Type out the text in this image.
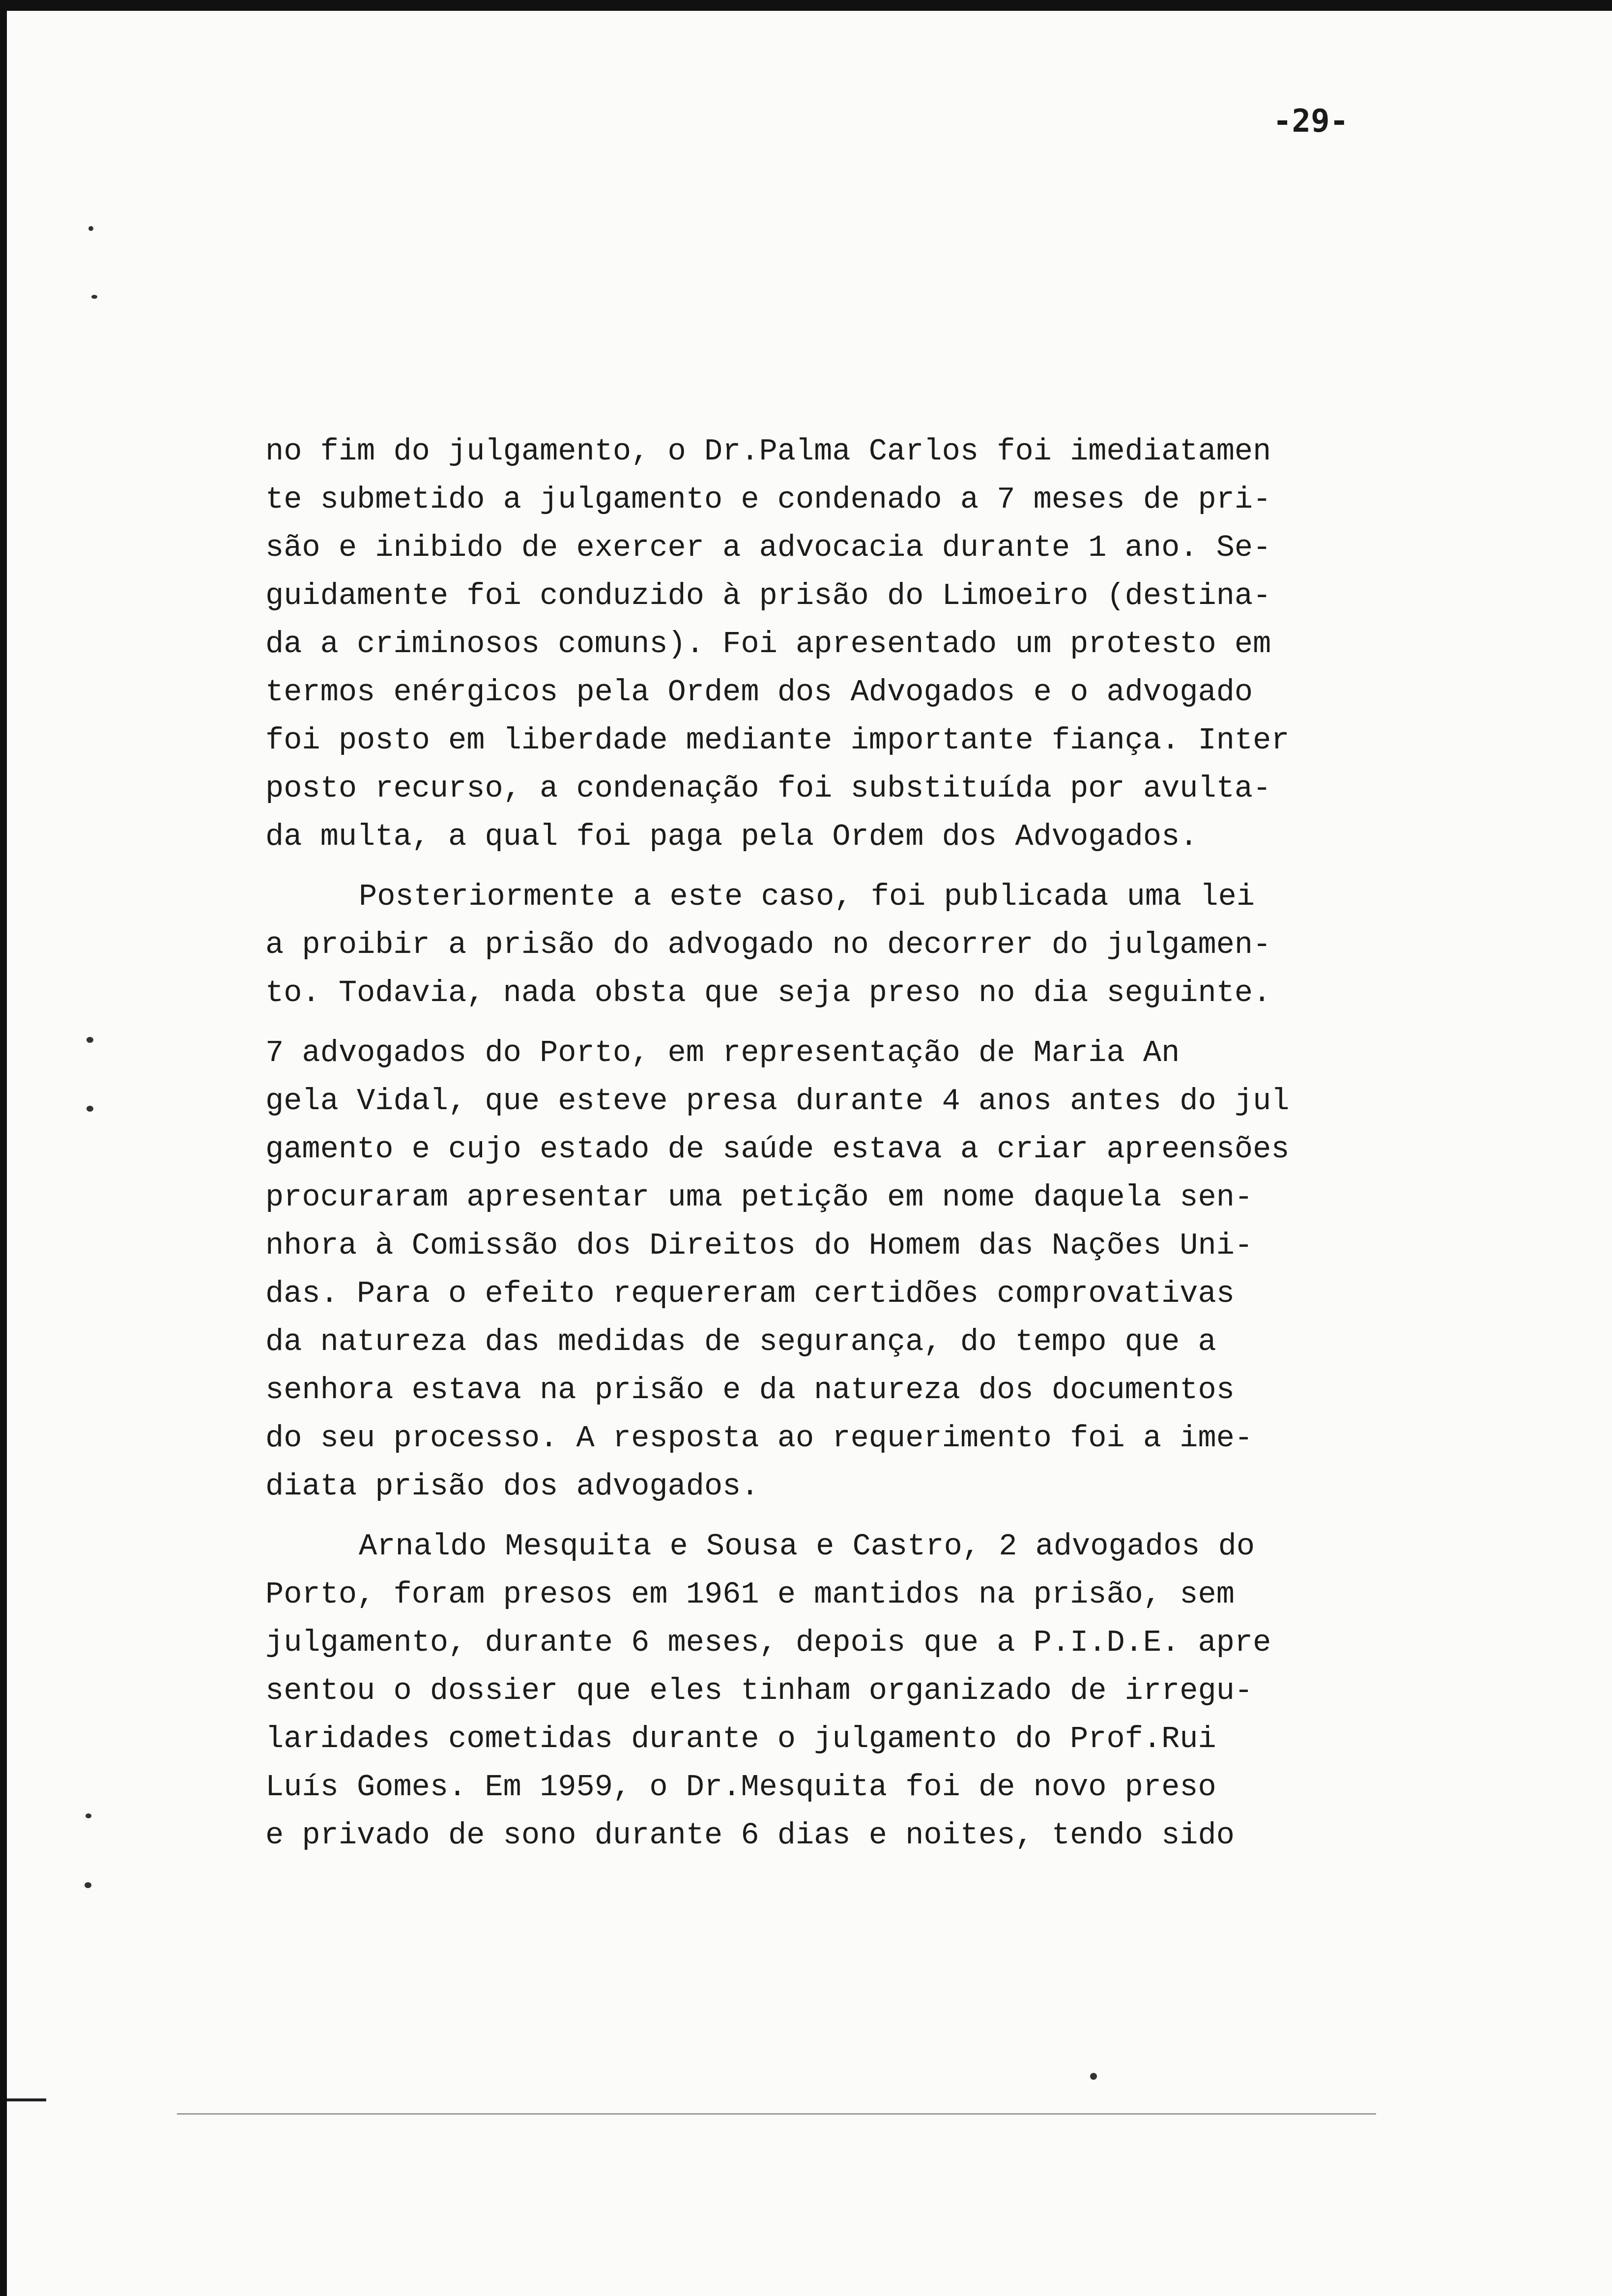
-29-
no fim do julgamento, o Dr.Palma Carlos foi imediatamen
te submetido a julgamento e condenado a 7 meses de pri-
são e inibido de exercer a advocacia durante 1 ano. Se-
guidamente foi conduzido à prisão do Limoeiro (destina-
da a criminosos comuns). Foi apresentado um protesto em
termos enérgicos pela Ordem dos Advogados e o advogado
foi posto em liberdade mediante importante fiança. Inter
posto recurso, a condenação foi substituída por avulta-
da multa, a qual foi paga pela Ordem dos Advogados.
Posteriormente a este caso, foi publicada uma lei
a proibir a prisão do advogado no decorrer do julgamen-
to. Todavia, nada obsta que seja preso no dia seguinte.
7 advogados do Porto, em representação de Maria An
gela Vidal, que esteve presa durante 4 anos antes do jul
gamento e cujo estado de saúde estava a criar apreensões
procuraram apresentar uma petição em nome daquela sen-
nhora à Comissão dos Direitos do Homem das Nações Uni-
das. Para o efeito requereram certidões comprovativas
da natureza das medidas de segurança, do tempo que a
senhora estava na prisão e da natureza dos documentos
do seu processo. A resposta ao requerimento foi a ime-
diata prisão dos advogados.
Arnaldo Mesquita e Sousa e Castro, 2 advogados do
Porto, foram presos em 1961 e mantidos na prisão, sem
julgamento, durante 6 meses, depois que a P.I.D.E. apre
sentou o dossier que eles tinham organizado de irregu-
laridades cometidas durante o julgamento do Prof.Rui
Luís Gomes. Em 1959, o Dr.Mesquita foi de novo preso
e privado de sono durante 6 dias e noites, tendo sido
